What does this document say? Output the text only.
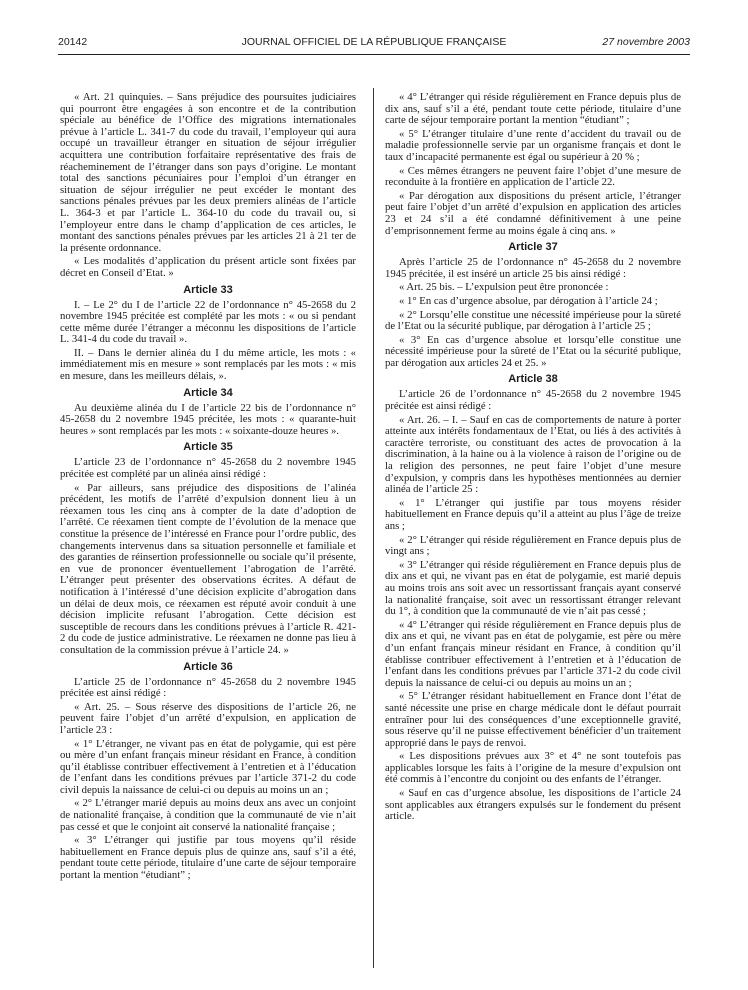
20142	JOURNAL OFFICIEL DE LA RÉPUBLIQUE FRANÇAISE	27 novembre 2003

« Art. 21 quinquies. – Sans préjudice des poursuites judiciaires qui pourront être engagées à son encontre et de la contribution spéciale au bénéfice de l’Office des migrations internationales prévue à l’article L. 341-7 du code du travail, l’employeur qui aura occupé un travailleur étranger en situation de séjour irrégulier acquittera une contribution forfaitaire représentative des frais de réacheminement de l’étranger dans son pays d’origine. Le montant total des sanctions pécuniaires pour l’emploi d’un étranger en situation de séjour irrégulier ne peut excéder le montant des sanctions pénales prévues par les deux premiers alinéas de l’article L. 364-3 et par l’article L. 364-10 du code du travail ou, si l’employeur entre dans le champ d’application de ces articles, le montant des sanctions pénales prévues par les articles 21 à 21 ter de la présente ordonnance.

« Les modalités d’application du présent article sont fixées par décret en Conseil d’Etat. »

Article 33

I. – Le 2° du I de l’article 22 de l’ordonnance n° 45-2658 du 2 novembre 1945 précitée est complété par les mots : « ou si pendant cette même durée l’étranger a méconnu les dispositions de l’article L. 341-4 du code du travail ».

II. – Dans le dernier alinéa du I du même article, les mots : « immédiatement mis en mesure » sont remplacés par les mots : « mis en mesure, dans les meilleurs délais, ».

Article 34

Au deuxième alinéa du I de l’article 22 bis de l’ordonnance n° 45-2658 du 2 novembre 1945 précitée, les mots : « quarante-huit heures » sont remplacés par les mots : « soixante-douze heures ».

Article 35

L’article 23 de l’ordonnance n° 45-2658 du 2 novembre 1945 précitée est complété par un alinéa ainsi rédigé :

« Par ailleurs, sans préjudice des dispositions de l’alinéa précédent, les motifs de l’arrêté d’expulsion donnent lieu à un réexamen tous les cinq ans à compter de la date d’adoption de l’arrêté. Ce réexamen tient compte de l’évolution de la menace que constitue la présence de l’intéressé en France pour l’ordre public, des changements intervenus dans sa situation personnelle et familiale et des garanties de réinsertion professionnelle ou sociale qu’il présente, en vue de prononcer éventuellement l’abrogation de l’arrêté. L’étranger peut présenter des observations écrites. A défaut de notification à l’intéressé d’une décision explicite d’abrogation dans un délai de deux mois, ce réexamen est réputé avoir conduit à une décision implicite refusant l’abrogation. Cette décision est susceptible de recours dans les conditions prévues à l’article R. 421-2 du code de justice administrative. Le réexamen ne donne pas lieu à consultation de la commission prévue à l’article 24. »

Article 36

L’article 25 de l’ordonnance n° 45-2658 du 2 novembre 1945 précitée est ainsi rédigé :

« Art. 25. – Sous réserve des dispositions de l’article 26, ne peuvent faire l’objet d’un arrêté d’expulsion, en application de l’article 23 :

« 1° L’étranger, ne vivant pas en état de polygamie, qui est père ou mère d’un enfant français mineur résidant en France, à condition qu’il établisse contribuer effectivement à l’entretien et à l’éducation de l’enfant dans les conditions prévues par l’article 371-2 du code civil depuis la naissance de celui-ci ou depuis au moins un an ;

« 2° L’étranger marié depuis au moins deux ans avec un conjoint de nationalité française, à condition que la communauté de vie n’ait pas cessé et que le conjoint ait conservé la nationalité française ;

« 3° L’étranger qui justifie par tous moyens qu’il réside habituellement en France depuis plus de quinze ans, sauf s’il a été, pendant toute cette période, titulaire d’une carte de séjour temporaire portant la mention “étudiant” ;

« 4° L’étranger qui réside régulièrement en France depuis plus de dix ans, sauf s’il a été, pendant toute cette période, titulaire d’une carte de séjour temporaire portant la mention “étudiant” ;

« 5° L’étranger titulaire d’une rente d’accident du travail ou de maladie professionnelle servie par un organisme français et dont le taux d’incapacité permanente est égal ou supérieur à 20 % ;

« Ces mêmes étrangers ne peuvent faire l’objet d’une mesure de reconduite à la frontière en application de l’article 22.

« Par dérogation aux dispositions du présent article, l’étranger peut faire l’objet d’un arrêté d’expulsion en application des articles 23 et 24 s’il a été condamné définitivement à une peine d’emprisonnement ferme au moins égale à cinq ans. »

Article 37

Après l’article 25 de l’ordonnance n° 45-2658 du 2 novembre 1945 précitée, il est inséré un article 25 bis ainsi rédigé :

« Art. 25 bis. – L’expulsion peut être prononcée :

« 1° En cas d’urgence absolue, par dérogation à l’article 24 ;

« 2° Lorsqu’elle constitue une nécessité impérieuse pour la sûreté de l’Etat ou la sécurité publique, par dérogation à l’article 25 ;

« 3° En cas d’urgence absolue et lorsqu’elle constitue une nécessité impérieuse pour la sûreté de l’Etat ou la sécurité publique, par dérogation aux articles 24 et 25. »

Article 38

L’article 26 de l’ordonnance n° 45-2658 du 2 novembre 1945 précitée est ainsi rédigé :

« Art. 26. – I. – Sauf en cas de comportements de nature à porter atteinte aux intérêts fondamentaux de l’Etat, ou liés à des activités à caractère terroriste, ou constituant des actes de provocation à la discrimination, à la haine ou à la violence à raison de l’origine ou de la religion des personnes, ne peut faire l’objet d’une mesure d’expulsion, y compris dans les hypothèses mentionnées au dernier alinéa de l’article 25 :

« 1° L’étranger qui justifie par tous moyens résider habituellement en France depuis qu’il a atteint au plus l’âge de treize ans ;

« 2° L’étranger qui réside régulièrement en France depuis plus de vingt ans ;

« 3° L’étranger qui réside régulièrement en France depuis plus de dix ans et qui, ne vivant pas en état de polygamie, est marié depuis au moins trois ans soit avec un ressortissant français ayant conservé la nationalité française, soit avec un ressortissant étranger relevant du 1°, à condition que la communauté de vie n’ait pas cessé ;

« 4° L’étranger qui réside régulièrement en France depuis plus de dix ans et qui, ne vivant pas en état de polygamie, est père ou mère d’un enfant français mineur résidant en France, à condition qu’il établisse contribuer effectivement à l’entretien et à l’éducation de l’enfant dans les conditions prévues par l’article 371-2 du code civil depuis la naissance de celui-ci ou depuis au moins un an ;

« 5° L’étranger résidant habituellement en France dont l’état de santé nécessite une prise en charge médicale dont le défaut pourrait entraîner pour lui des conséquences d’une exceptionnelle gravité, sous réserve qu’il ne puisse effectivement bénéficier d’un traitement approprié dans le pays de renvoi.

« Les dispositions prévues aux 3° et 4° ne sont toutefois pas applicables lorsque les faits à l’origine de la mesure d’expulsion ont été commis à l’encontre du conjoint ou des enfants de l’étranger.

« Sauf en cas d’urgence absolue, les dispositions de l’article 24 sont applicables aux étrangers expulsés sur le fondement du présent article.
